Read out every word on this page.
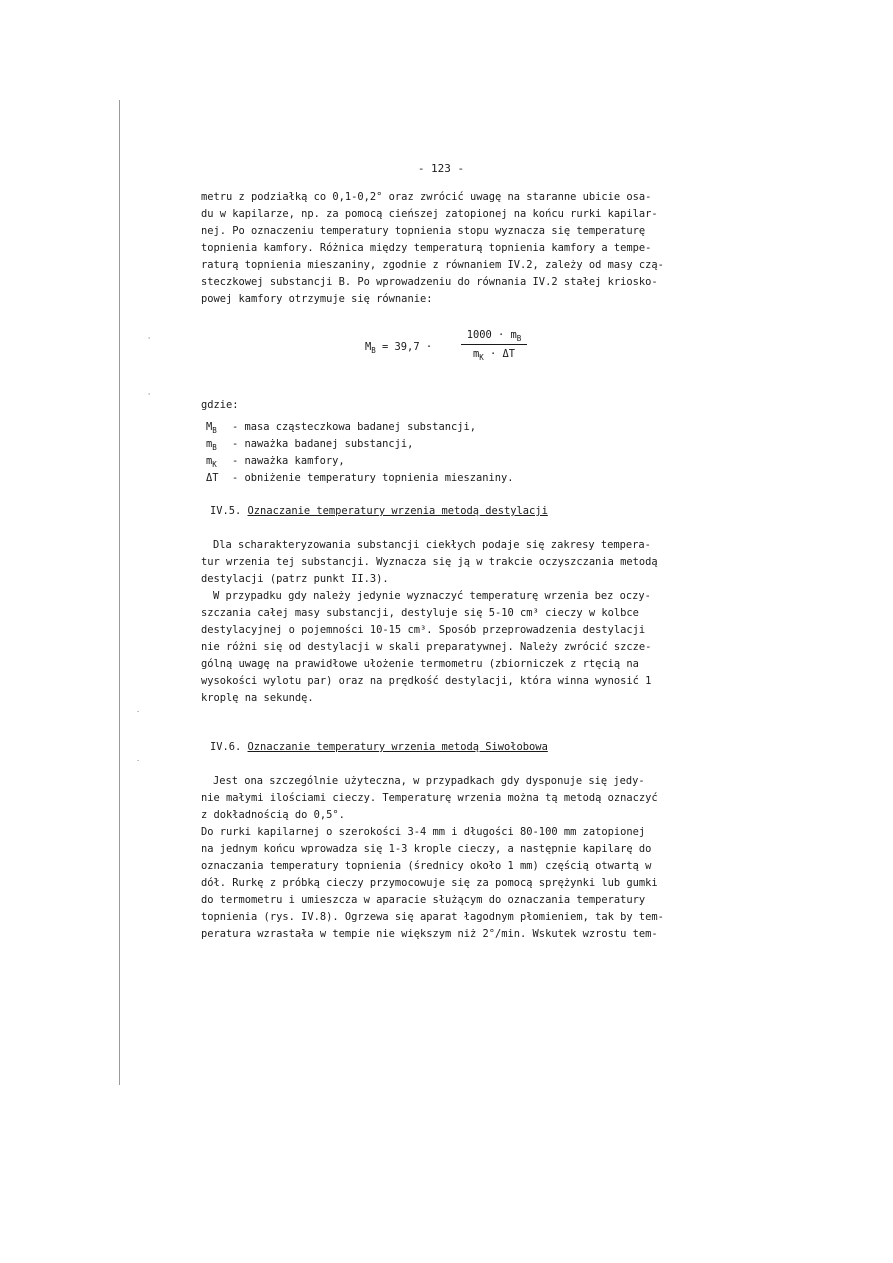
'
'
·
·
- 123 -

metru z podziałką co 0,1-0,2° oraz zwrócić uwagę na staranne ubicie osa-

du w kapilarze, np. za pomocą cieńszej zatopionej na końcu rurki kapilar-

nej. Po oznaczeniu temperatury topnienia stopu wyznacza się temperaturę

topnienia kamfory. Różnica między temperaturą topnienia kamfory a tempe-

raturą topnienia mieszaniny, zgodnie z równaniem IV.2, zależy od masy czą-

steczkowej substancji B. Po wprowadzeniu do równania IV.2 stałej kriosko-

powej kamfory otrzymuje się równanie:

$M_B = 39,7$ ·
$1000 \cdot m_B$
$m_K \cdot \Delta T$
gdzie:
$M_B$ - masa cząsteczkowa badanej substancji,
$m_B$ - naważka badanej substancji,
$m_K$ - naważka kamfory,
ΔT - obniżenie temperatury topnienia mieszaniny.
IV.5. Oznaczanie temperatury wrzenia metodą destylacji

Dla scharakteryzowania substancji ciekłych podaje się zakresy tempera-

tur wrzenia tej substancji. Wyznacza się ją w trakcie oczyszczania metodą

destylacji (patrz punkt II.3).

W przypadku gdy należy jedynie wyznaczyć temperaturę wrzenia bez oczy-

szczania całej masy substancji, destyluje się 5-10 cm³ cieczy w kolbce

destylacyjnej o pojemności 10-15 cm³. Sposób przeprowadzenia destylacji

nie różni się od destylacji w skali preparatywnej. Należy zwrócić szcze-

gólną uwagę na prawidłowe ułożenie termometru (zbiorniczek z rtęcią na

wysokości wylotu par) oraz na prędkość destylacji, która winna wynosić 1

kroplę na sekundę.

IV.6. Oznaczanie temperatury wrzenia metodą Siwołobowa

Jest ona szczególnie użyteczna, w przypadkach gdy dysponuje się jedy-

nie małymi ilościami cieczy. Temperaturę wrzenia można tą metodą oznaczyć

z dokładnością do 0,5°.

Do rurki kapilarnej o szerokości 3-4 mm i długości 80-100 mm zatopionej

na jednym końcu wprowadza się 1-3 krople cieczy, a następnie kapilarę do

oznaczania temperatury topnienia (średnicy około 1 mm) częścią otwartą w

dół. Rurkę z próbką cieczy przymocowuje się za pomocą sprężynki lub gumki

do termometru i umieszcza w aparacie służącym do oznaczania temperatury

topnienia (rys. IV.8). Ogrzewa się aparat łagodnym płomieniem, tak by tem-

peratura wzrastała w tempie nie większym niż 2°/min. Wskutek wzrostu tem-
